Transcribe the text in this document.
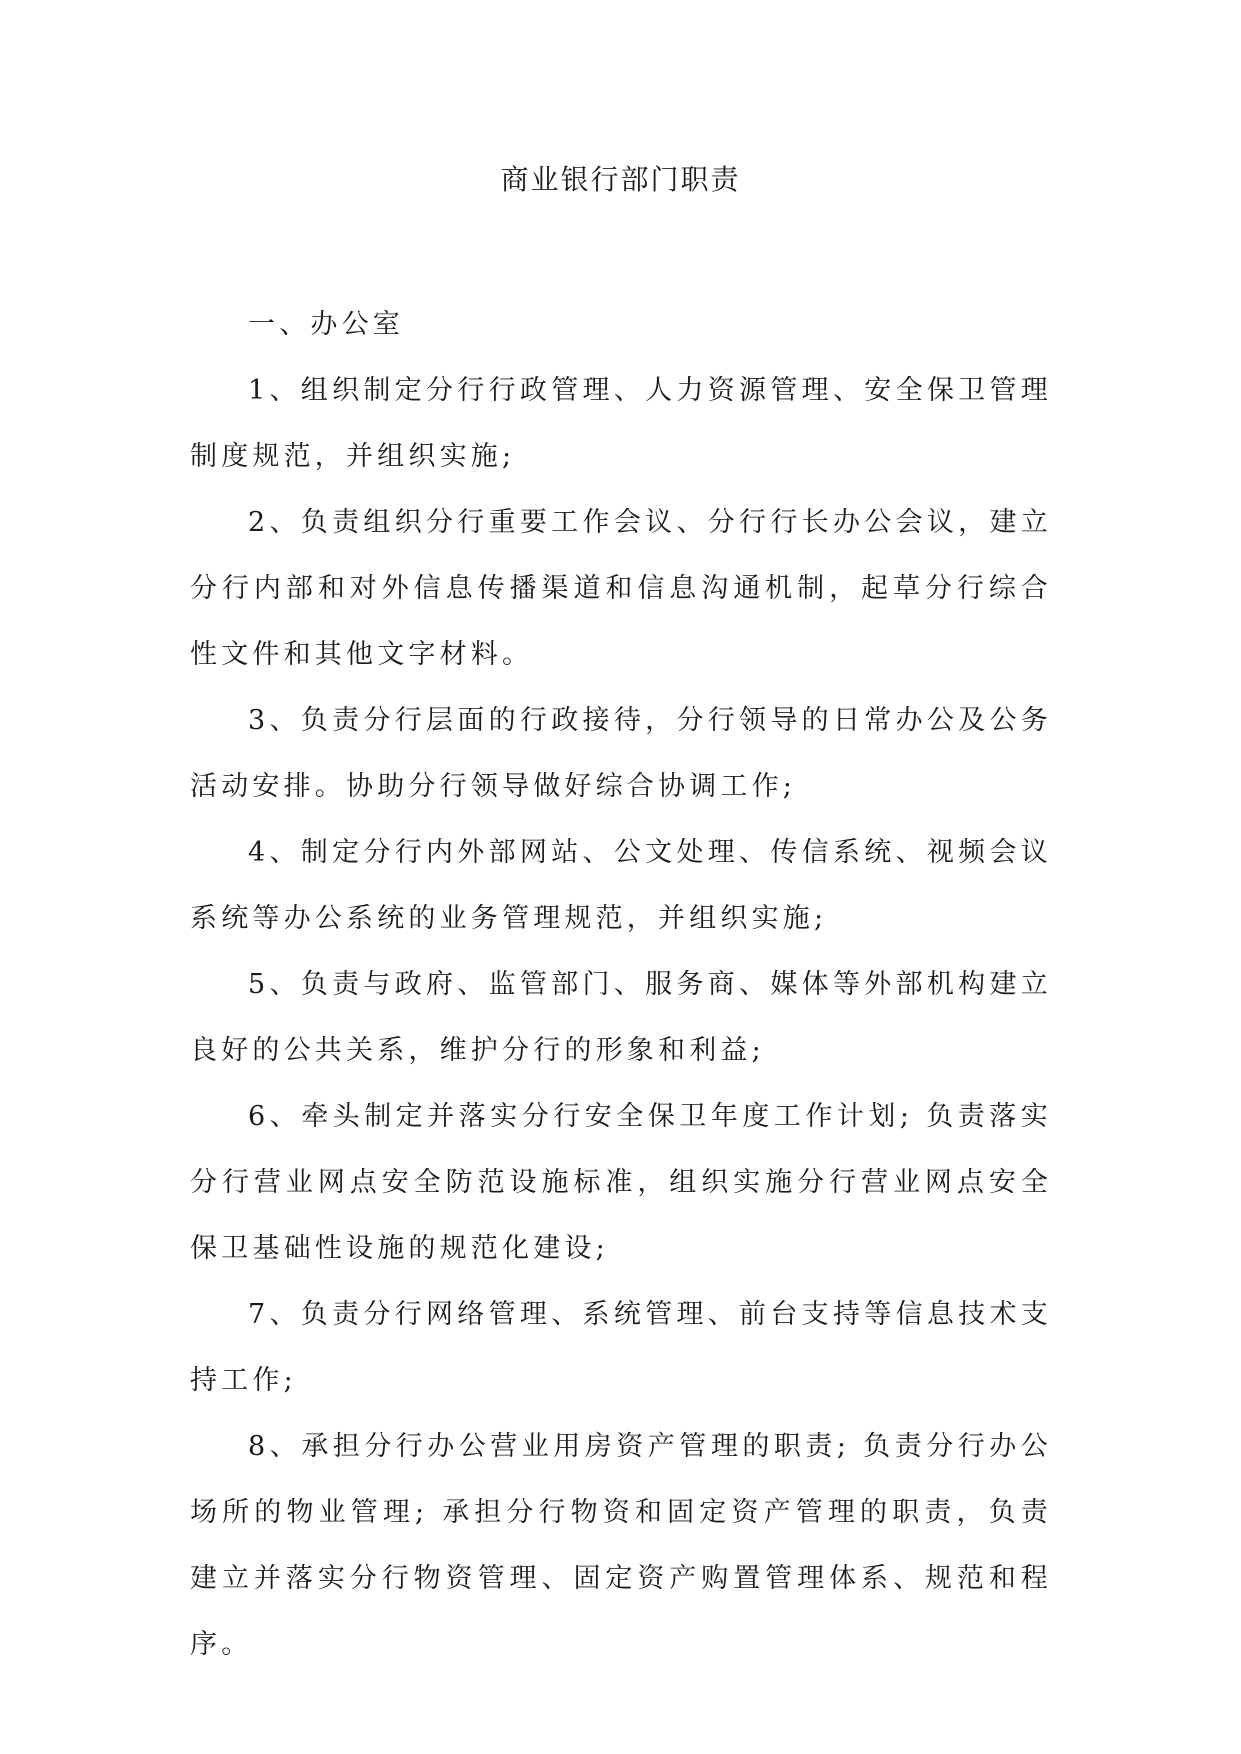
商业银行部门职责

一、办公室

1、组织制定分行行政管理、人力资源管理、安全保卫管理制度规范，并组织实施;

2、负责组织分行重要工作会议、分行行长办公会议，建立分行内部和对外信息传播渠道和信息沟通机制，起草分行综合性文件和其他文字材料。

3、负责分行层面的行政接待，分行领导的日常办公及公务活动安排。协助分行领导做好综合协调工作;

4、制定分行内外部网站、公文处理、传信系统、视频会议系统等办公系统的业务管理规范，并组织实施;

5、负责与政府、监管部门、服务商、媒体等外部机构建立良好的公共关系，维护分行的形象和利益;

6、牵头制定并落实分行安全保卫年度工作计划; 负责落实分行营业网点安全防范设施标准，组织实施分行营业网点安全保卫基础性设施的规范化建设;

7、负责分行网络管理、系统管理、前台支持等信息技术支持工作;

8、承担分行办公营业用房资产管理的职责; 负责分行办公场所的物业管理; 承担分行物资和固定资产管理的职责，负责建立并落实分行物资管理、固定资产购置管理体系、规范和程序。
